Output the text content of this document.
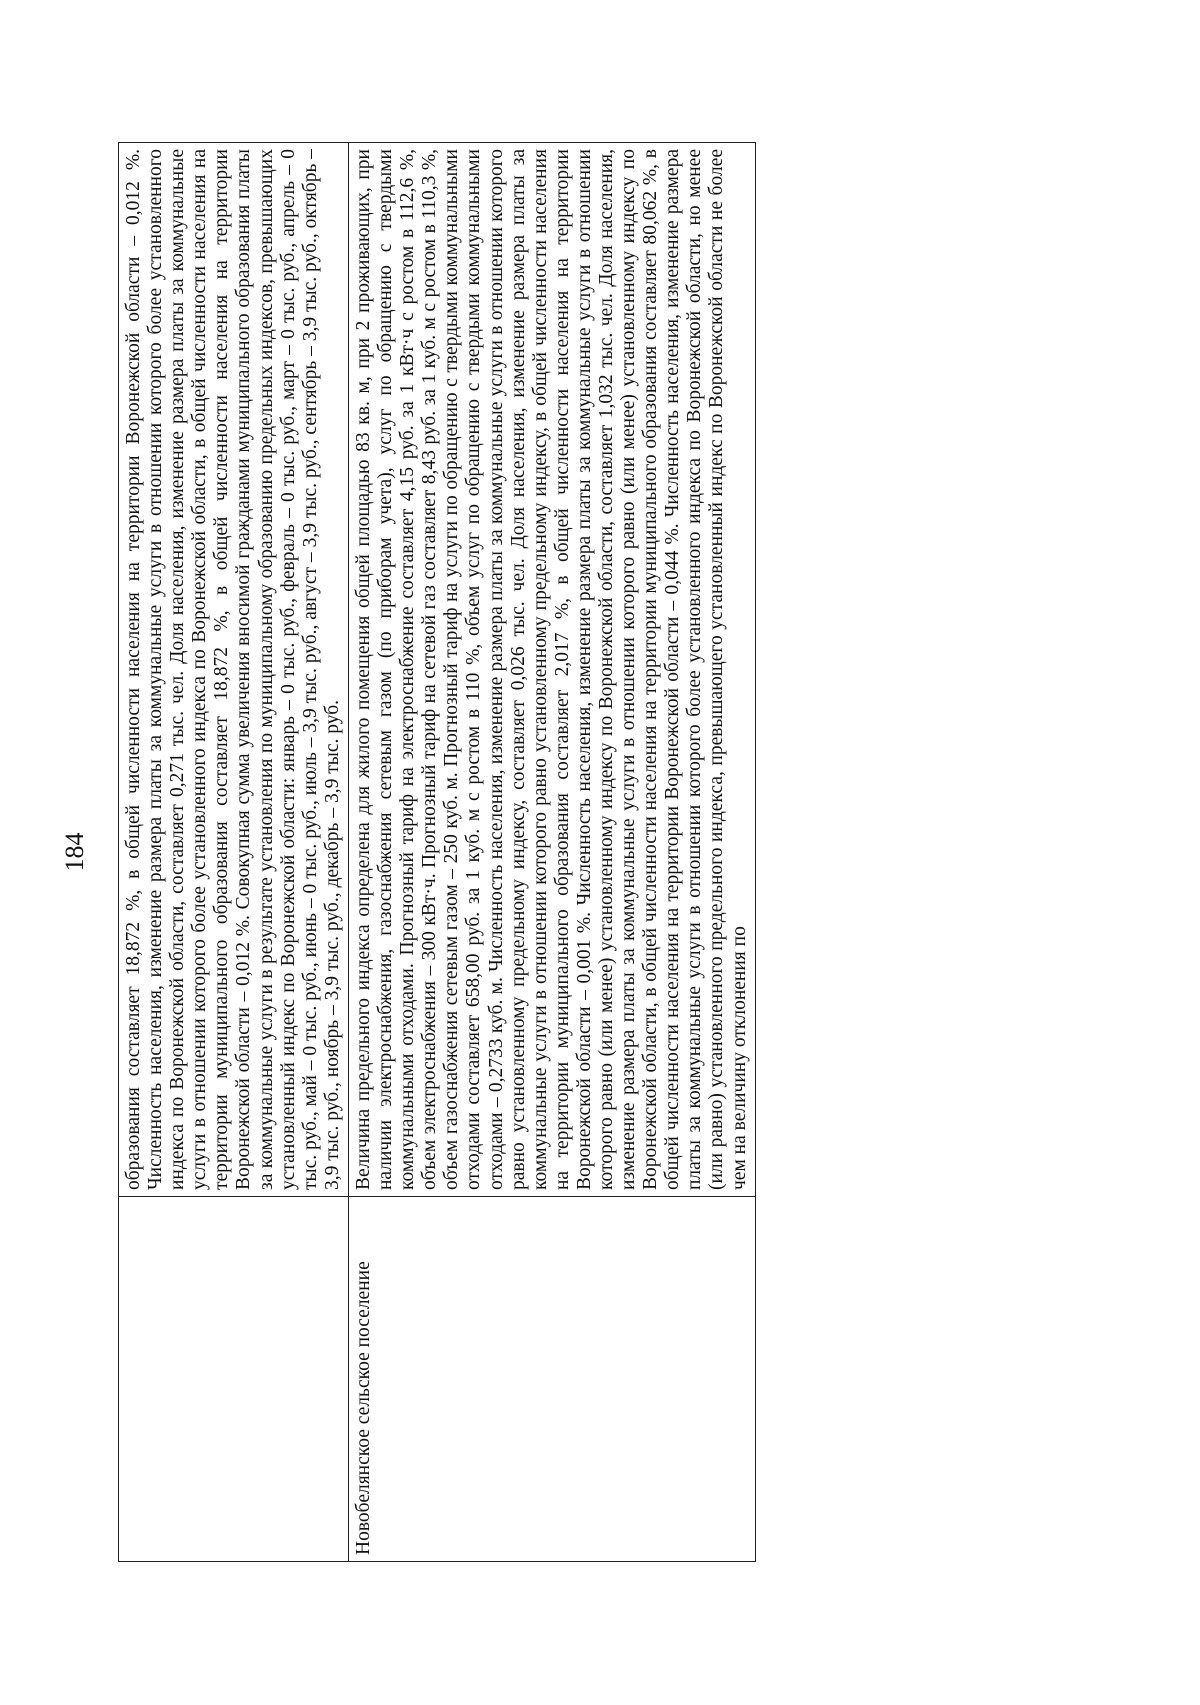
184
	образования составляет 18,872 %, в общей численности населения на территории Воронежской области – 0,012 %. Численность населения, изменение размера платы за коммунальные услуги в отношении которого более установленного индекса по Воронежской области, составляет 0,271 тыс. чел. Доля населения, изменение размера платы за коммунальные услуги в отношении которого более установленного индекса по Воронежской области, в общей численности населения на территории муниципального образования составляет 18,872 %, в общей численности населения на территории Воронежской области – 0,012 %. Совокупная сумма увеличения вносимой гражданами муниципального образования платы за коммунальные услуги в результате установления по муниципальному образованию предельных индексов, превышающих установленный индекс по Воронежской области: январь – 0 тыс. руб., февраль – 0 тыс. руб., март – 0 тыс. руб., апрель – 0 тыс. руб., май – 0 тыс. руб., июнь – 0 тыс. руб., июль – 3,9 тыс. руб., август – 3,9 тыс. руб., сентябрь – 3,9 тыс. руб., октябрь – 3,9 тыс. руб., ноябрь – 3,9 тыс. руб., декабрь – 3,9 тыс. руб.
Новобелянское сельское поселение	Величина предельного индекса определена для жилого помещения общей площадью 83 кв. м, при 2 проживающих, при наличии электроснабжения, газоснабжения сетевым газом (по приборам учета), услуг по обращению с твердыми коммунальными отходами. Прогнозный тариф на электроснабжение составляет 4,15 руб. за 1 кВт·ч с ростом в 112,6 %, объем электроснабжения – 300 кВт·ч. Прогнозный тариф на сетевой газ составляет 8,43 руб. за 1 куб. м с ростом в 110,3 %, объем газоснабжения сетевым газом – 250 куб. м. Прогнозный тариф на услуги по обращению с твердыми коммунальными отходами составляет 658,00 руб. за 1 куб. м с ростом в 110 %, объем услуг по обращению с твердыми коммунальными отходами – 0,2733 куб. м. Численность населения, изменение размера платы за коммунальные услуги в отношении которого равно установленному предельному индексу, составляет 0,026 тыс. чел. Доля населения, изменение размера платы за коммунальные услуги в отношении которого равно установленному предельному индексу, в общей численности населения на территории муниципального образования составляет 2,017 %, в общей численности населения на территории Воронежской области – 0,001 %. Численность населения, изменение размера платы за коммунальные услуги в отношении которого равно (или менее) установленному индексу по Воронежской области, составляет 1,032 тыс. чел. Доля населения, изменение размера платы за коммунальные услуги в отношении которого равно (или менее) установленному индексу по Воронежской области, в общей численности населения на территории муниципального образования составляет 80,062 %, в общей численности населения на территории Воронежской области – 0,044 %. Численность населения, изменение размера платы за коммунальные услуги в отношении которого более установленного индекса по Воронежской области, но менее (или равно) установленного предельного индекса, превышающего установленный индекс по Воронежской области не более чем на величину отклонения по
